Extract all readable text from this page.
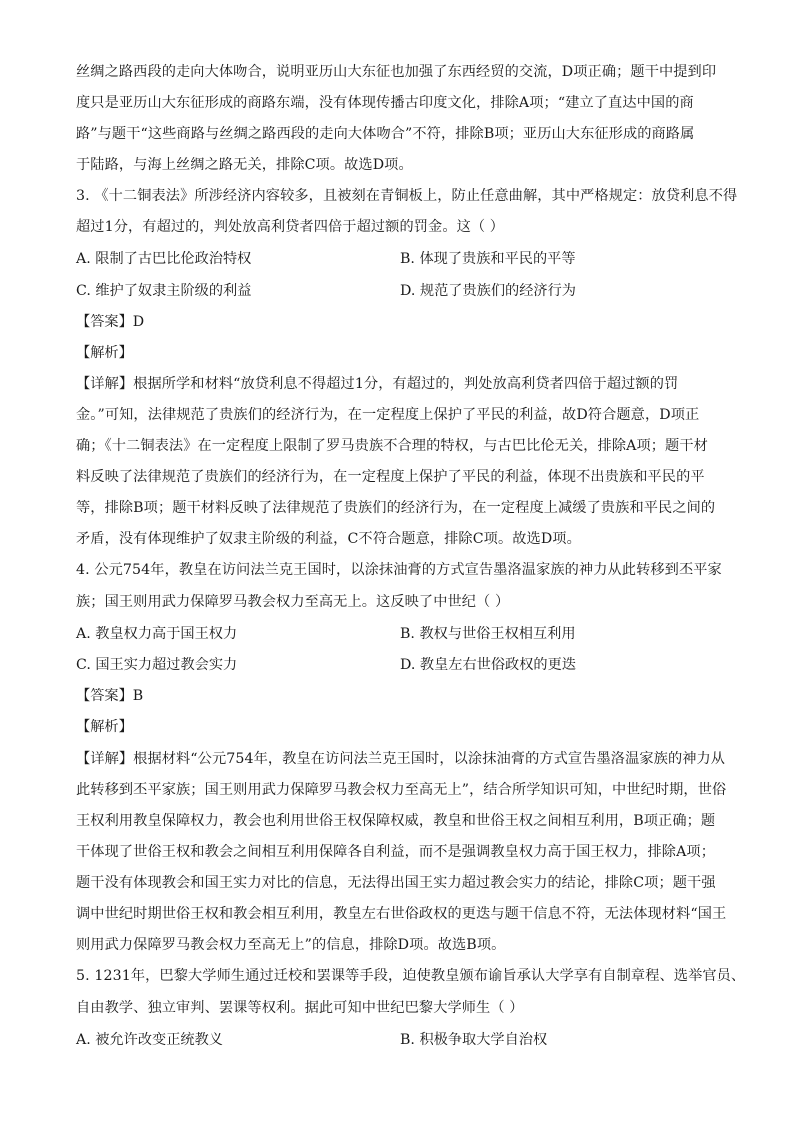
丝绸之路西段的走向大体吻合，说明亚历山大东征也加强了东西经贸的交流，D项正确；题干中提到印
度只是亚历山大东征形成的商路东端，没有体现传播古印度文化，排除A项；“建立了直达中国的商
路”与题干“这些商路与丝绸之路西段的走向大体吻合”不符，排除B项；亚历山大东征形成的商路属
于陆路，与海上丝绸之路无关，排除C项。故选D项。
3. 《十二铜表法》所涉经济内容较多，且被刻在青铜板上，防止任意曲解，其中严格规定：放贷利息不得
超过1分，有超过的，判处放高利贷者四倍于超过额的罚金。这（ ）
A. 限制了古巴比伦政治特权	B. 体现了贵族和平民的平等
C. 维护了奴隶主阶级的利益	D. 规范了贵族们的经济行为
【答案】D
【解析】
【详解】根据所学和材料“放贷利息不得超过1分，有超过的，判处放高利贷者四倍于超过额的罚
金。”可知，法律规范了贵族们的经济行为，在一定程度上保护了平民的利益，故D符合题意，D项正
确；《十二铜表法》在一定程度上限制了罗马贵族不合理的特权，与古巴比伦无关，排除A项；题干材
料反映了法律规范了贵族们的经济行为，在一定程度上保护了平民的利益，体现不出贵族和平民的平
等，排除B项；题干材料反映了法律规范了贵族们的经济行为，在一定程度上减缓了贵族和平民之间的
矛盾，没有体现维护了奴隶主阶级的利益，C不符合题意，排除C项。故选D项。
4. 公元754年，教皇在访问法兰克王国时，以涂抹油膏的方式宣告墨洛温家族的神力从此转移到丕平家
族；国王则用武力保障罗马教会权力至高无上。这反映了中世纪（ ）
A. 教皇权力高于国王权力	B. 教权与世俗王权相互利用
C. 国王实力超过教会实力	D. 教皇左右世俗政权的更迭
【答案】B
【解析】
【详解】根据材料“公元754年，教皇在访问法兰克王国时，以涂抹油膏的方式宣告墨洛温家族的神力从
此转移到丕平家族；国王则用武力保障罗马教会权力至高无上”，结合所学知识可知，中世纪时期，世俗
王权利用教皇保障权力，教会也利用世俗王权保障权威，教皇和世俗王权之间相互利用，B项正确；题
干体现了世俗王权和教会之间相互利用保障各自利益，而不是强调教皇权力高于国王权力，排除A项；
题干没有体现教会和国王实力对比的信息，无法得出国王实力超过教会实力的结论，排除C项；题干强
调中世纪时期世俗王权和教会相互利用，教皇左右世俗政权的更迭与题干信息不符，无法体现材料“国王
则用武力保障罗马教会权力至高无上”的信息，排除D项。故选B项。
5. 1231年，巴黎大学师生通过迁校和罢课等手段，迫使教皇颁布谕旨承认大学享有自制章程、选举官员、
自由教学、独立审判、罢课等权利。据此可知中世纪巴黎大学师生（ ）
A. 被允许改变正统教义	B. 积极争取大学自治权
